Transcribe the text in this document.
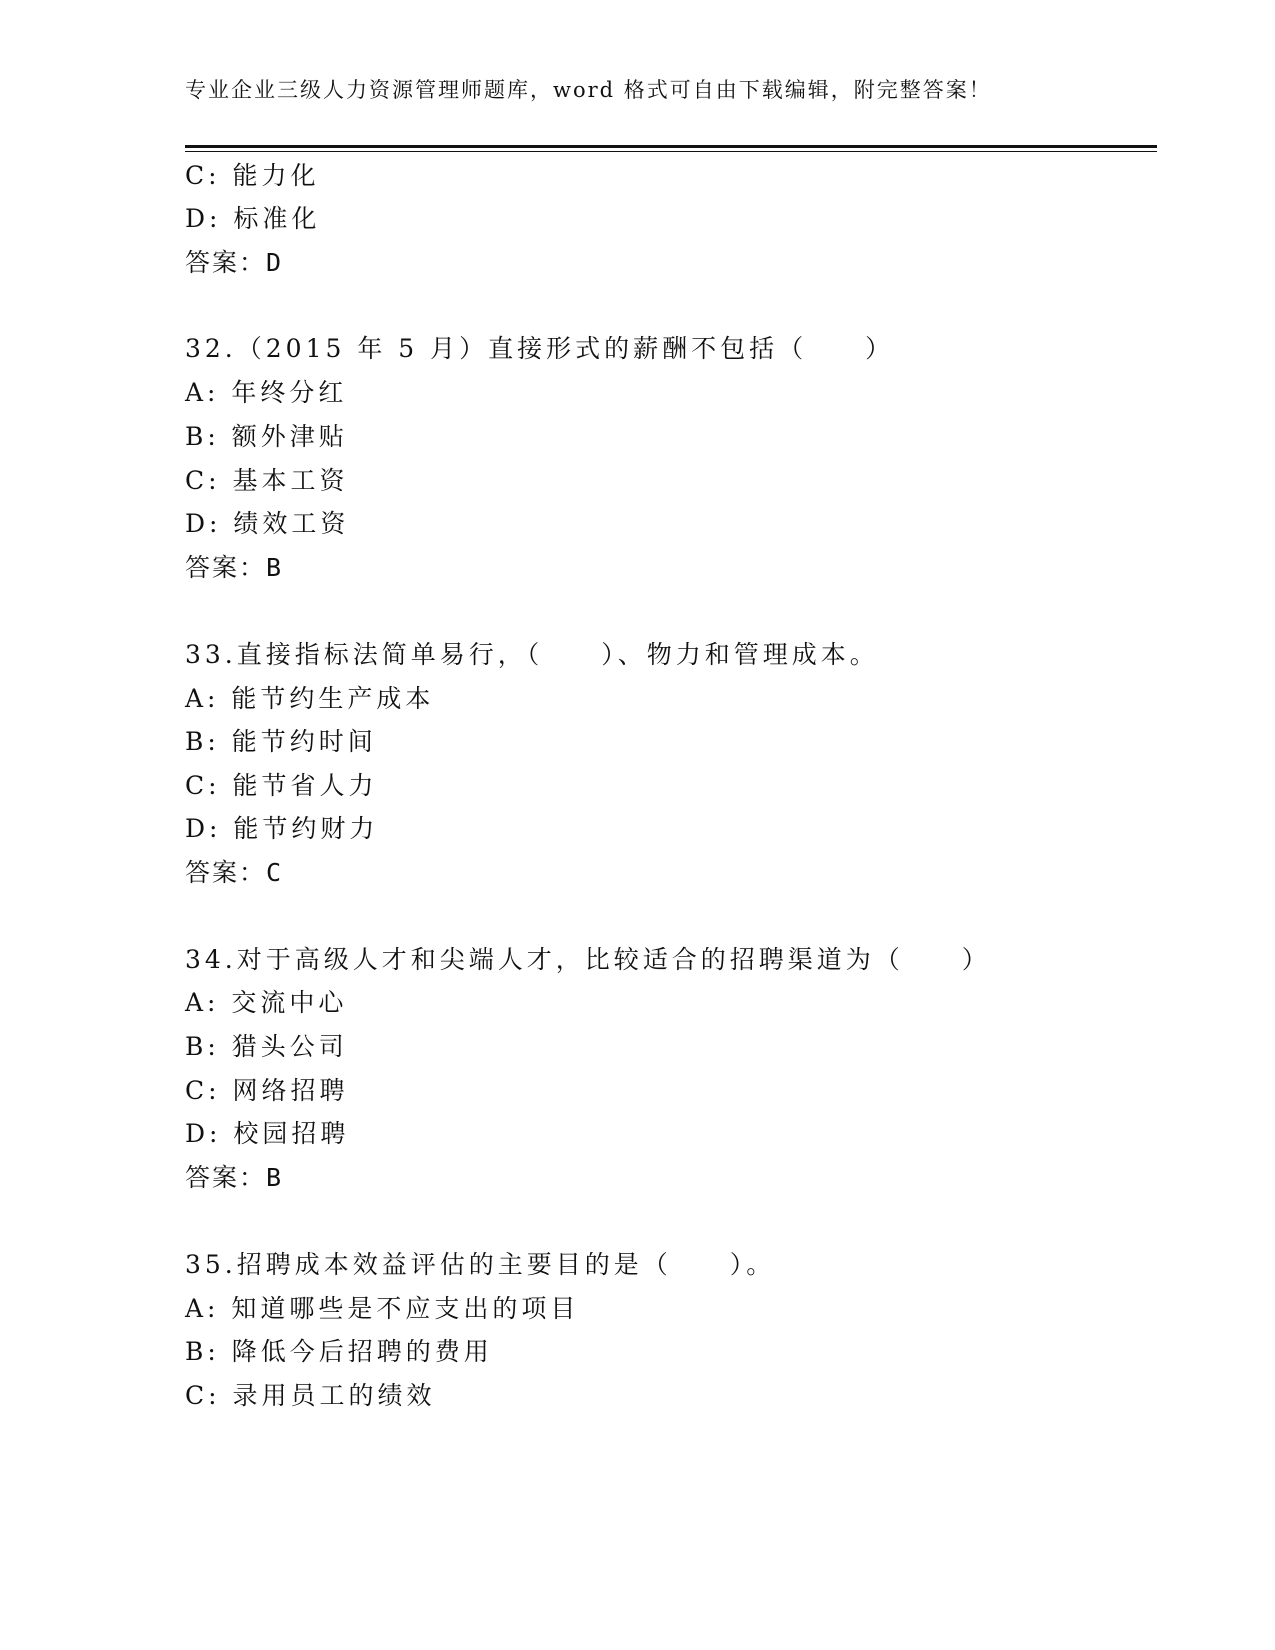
专业企业三级人力资源管理师题库，word 格式可自由下载编辑，附完整答案！
C: 能力化
D: 标准化
答案：D
32.（2015 年 5 月）直接形式的薪酬不包括（　　）
A: 年终分红
B: 额外津贴
C: 基本工资
D: 绩效工资
答案：B
33.直接指标法简单易行，（　　）、物力和管理成本。
A: 能节约生产成本
B: 能节约时间
C: 能节省人力
D: 能节约财力
答案：C
34.对于高级人才和尖端人才，比较适合的招聘渠道为（　　）
A: 交流中心
B: 猎头公司
C: 网络招聘
D: 校园招聘
答案：B
35.招聘成本效益评估的主要目的是（　　）。
A: 知道哪些是不应支出的项目
B: 降低今后招聘的费用
C: 录用员工的绩效
